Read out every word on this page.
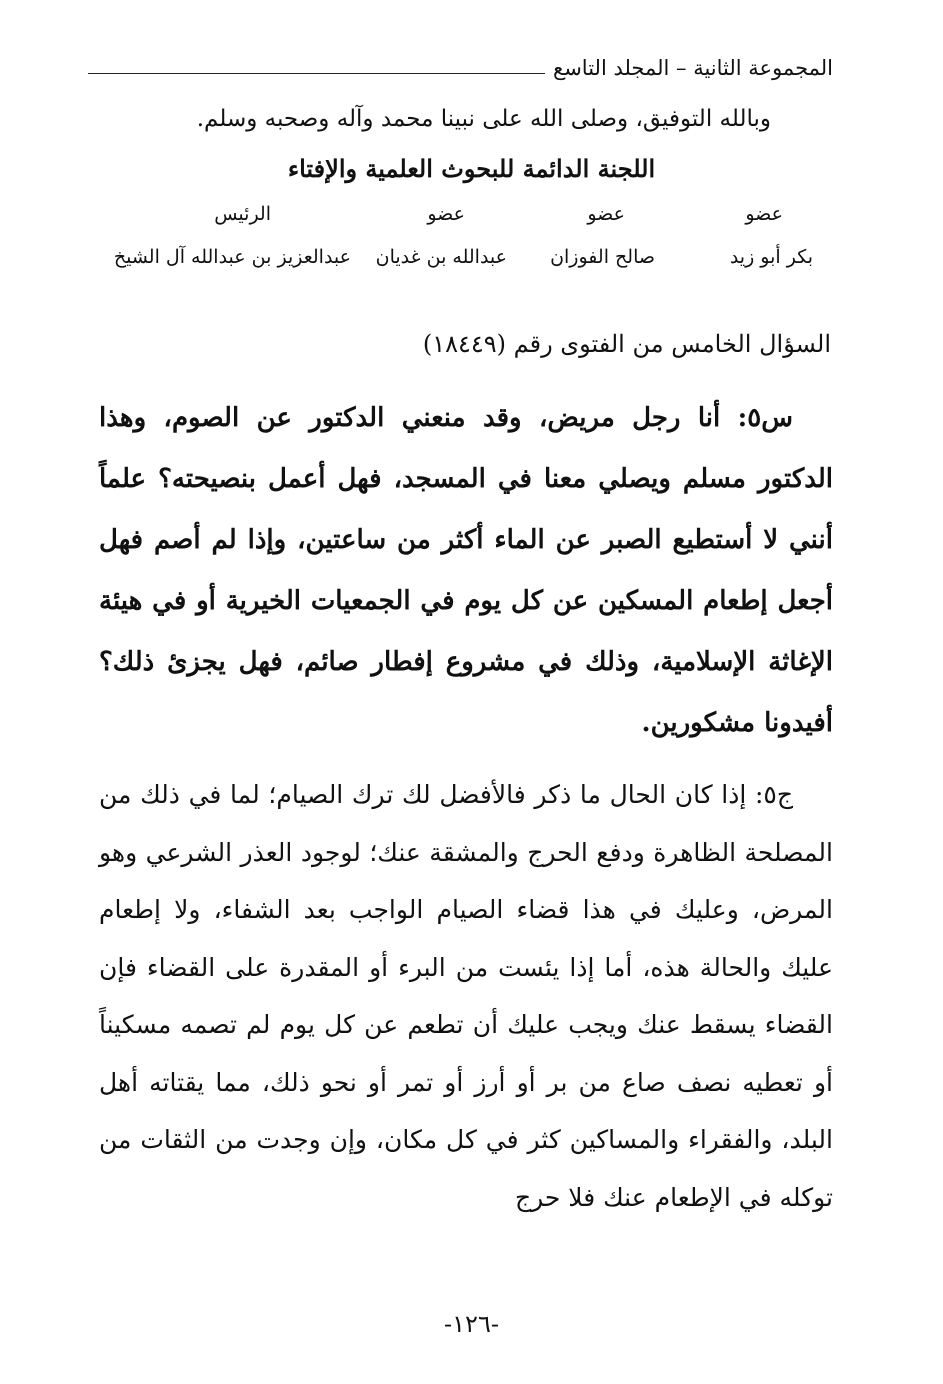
المجموعة الثانية – المجلد التاسع
وبالله التوفيق، وصلى الله على نبينا محمد وآله وصحبه وسلم.
اللجنة الدائمة للبحوث العلمية والإفتاء
عضو
عضو
عضو
الرئيس
بكر أبو زيد
صالح الفوزان
عبدالله بن غديان
عبدالعزيز بن عبدالله آل الشيخ
السؤال الخامس من الفتوى رقم (١٨٤٤٩)
س٥: أنا رجل مريض، وقد منعني الدكتور عن الصوم، وهذا الدكتور مسلم ويصلي معنا في المسجد، فهل أعمل بنصيحته؟ علماً أنني لا أستطيع الصبر عن الماء أكثر من ساعتين، وإذا لم أصم فهل أجعل إطعام المسكين عن كل يوم في الجمعيات الخيرية أو في هيئة الإغاثة الإسلامية، وذلك في مشروع إفطار صائم، فهل يجزئ ذلك؟ أفيدونا مشكورين.
ج٥: إذا كان الحال ما ذكر فالأفضل لك ترك الصيام؛ لما في ذلك من المصلحة الظاهرة ودفع الحرج والمشقة عنك؛ لوجود العذر الشرعي وهو المرض، وعليك في هذا قضاء الصيام الواجب بعد الشفاء، ولا إطعام عليك والحالة هذه، أما إذا يئست من البرء أو المقدرة على القضاء فإن القضاء يسقط عنك ويجب عليك أن تطعم عن كل يوم لم تصمه مسكيناً أو تعطيه نصف صاع من بر أو أرز أو تمر أو نحو ذلك، مما يقتاته أهل البلد، والفقراء والمساكين كثر في كل مكان، وإن وجدت من الثقات من توكله في الإطعام عنك فلا حرج
-١٢٦-
